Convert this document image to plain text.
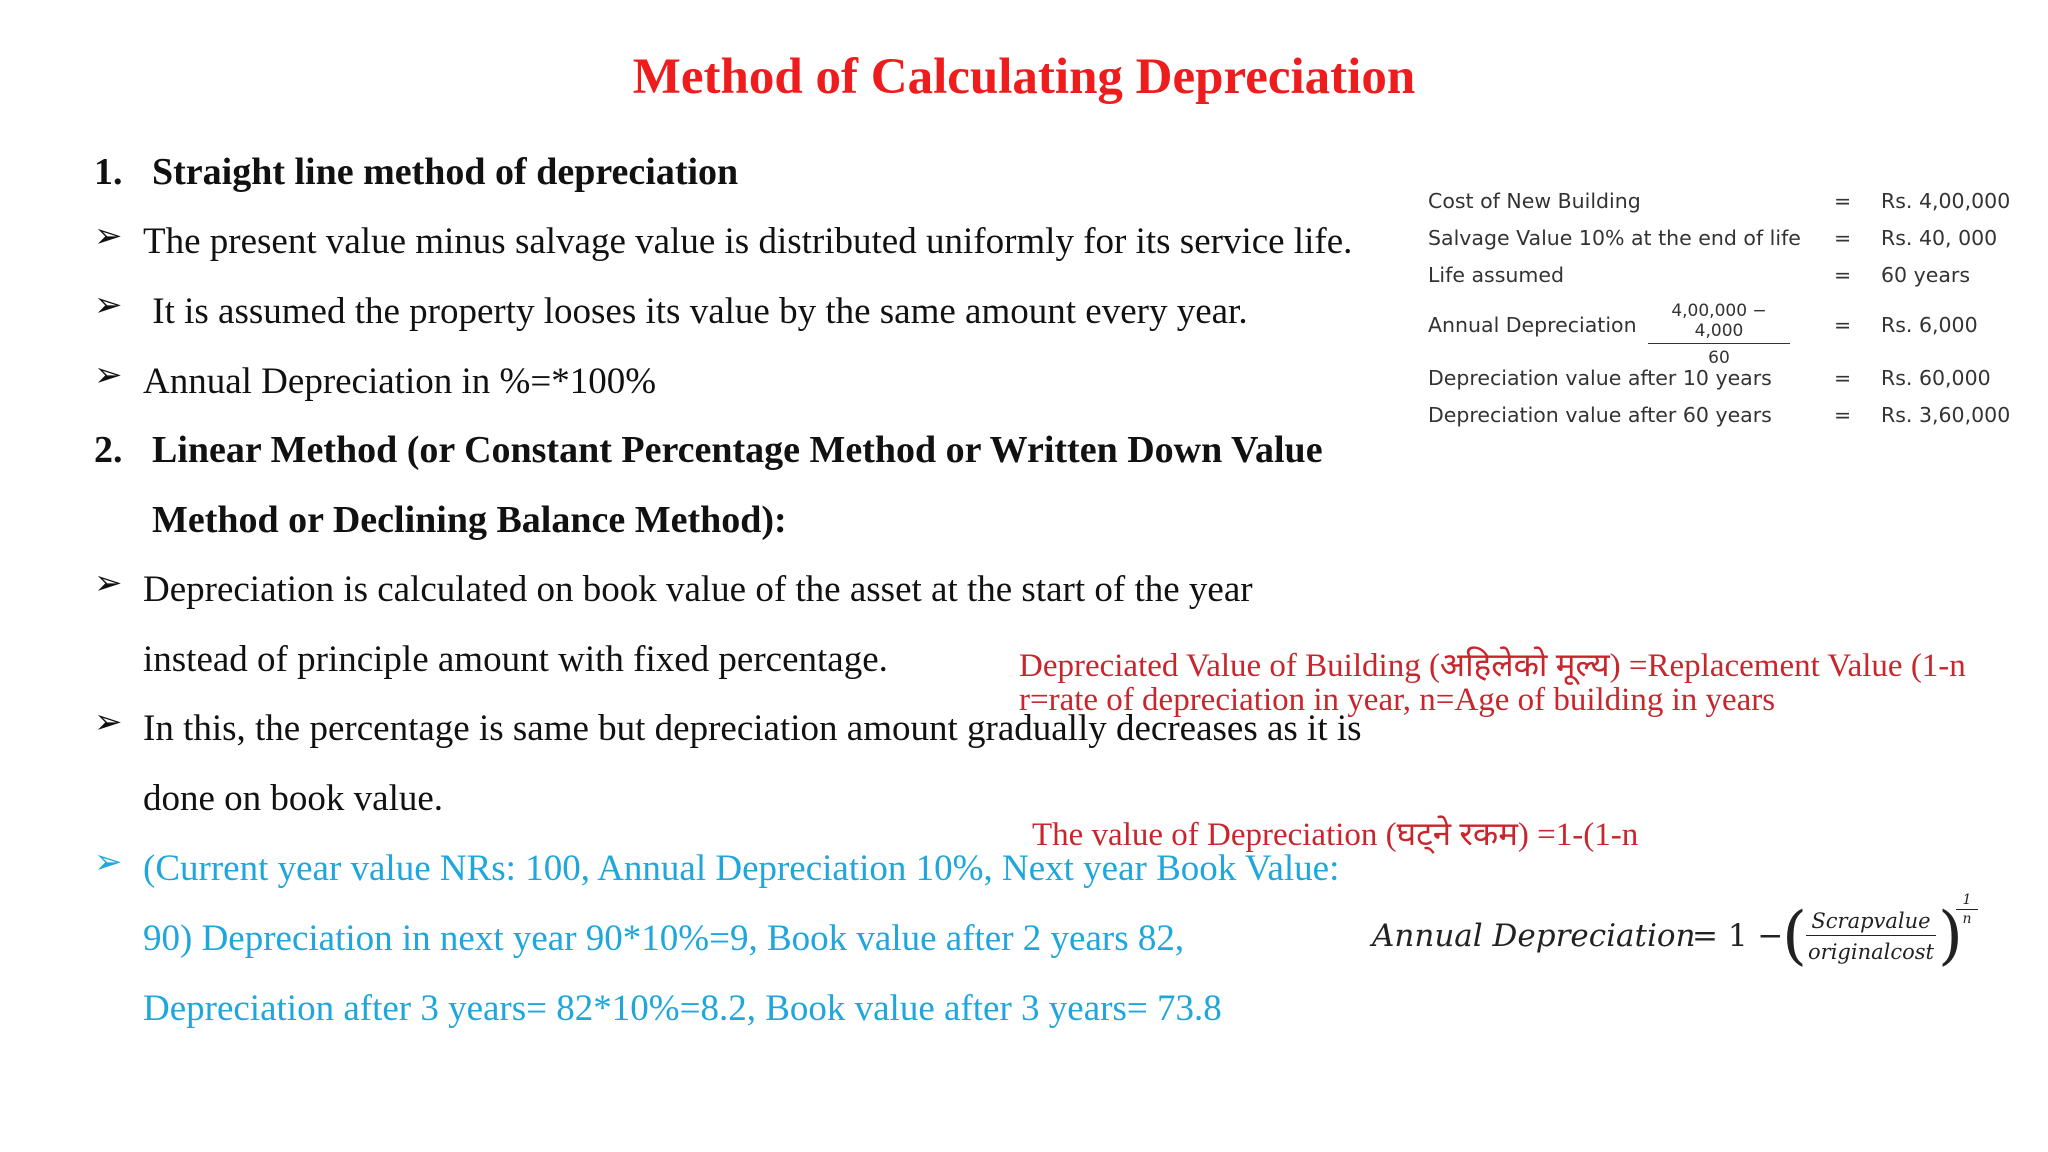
Method of Calculating Depreciation
1. Straight line method of depreciation
➢ The present value minus salvage value is distributed uniformly for its service life.
➢ It is assumed the property looses its value by the same amount every year.
➢ Annual Depreciation in %=*100%
2. Linear Method (or Constant Percentage Method or Written Down Value
Method or Declining Balance Method):
➢ Depreciation is calculated on book value of the asset at the start of the year
instead of principle amount with fixed percentage.
➢ In this, the percentage is same but depreciation amount gradually decreases as it is
done on book value.
➢ (Current year value NRs: 100, Annual Depreciation 10%, Next year Book Value:
90) Depreciation in next year 90*10%=9, Book value after 2 years 82,
Depreciation after 3 years= 82*10%=8.2, Book value after 3 years= 73.8
Cost of New Building	= Rs. 4,00,000
Salvage Value 10% at the end of life = Rs. 40, 000
Life assumed	= 60 years
Annual Depreciation $\frac{4,00,000 - 4,000}{60} = Rs$. 6,000
Depreciation value after 10 years	= Rs. 60,000
Depreciation value after 60 years	= Rs. 3,60,000
Depreciated Value of Building (अहिलेको मूल्य) =Replacement Value (1-n
r=rate of depreciation in year, n=Age of building in years
The value of Depreciation (घट्ने रकम) =1-(1-n
Annual Depreciation
= 1 −
( Scrapvalue
originalcost )
$\frac{1}{n}$
